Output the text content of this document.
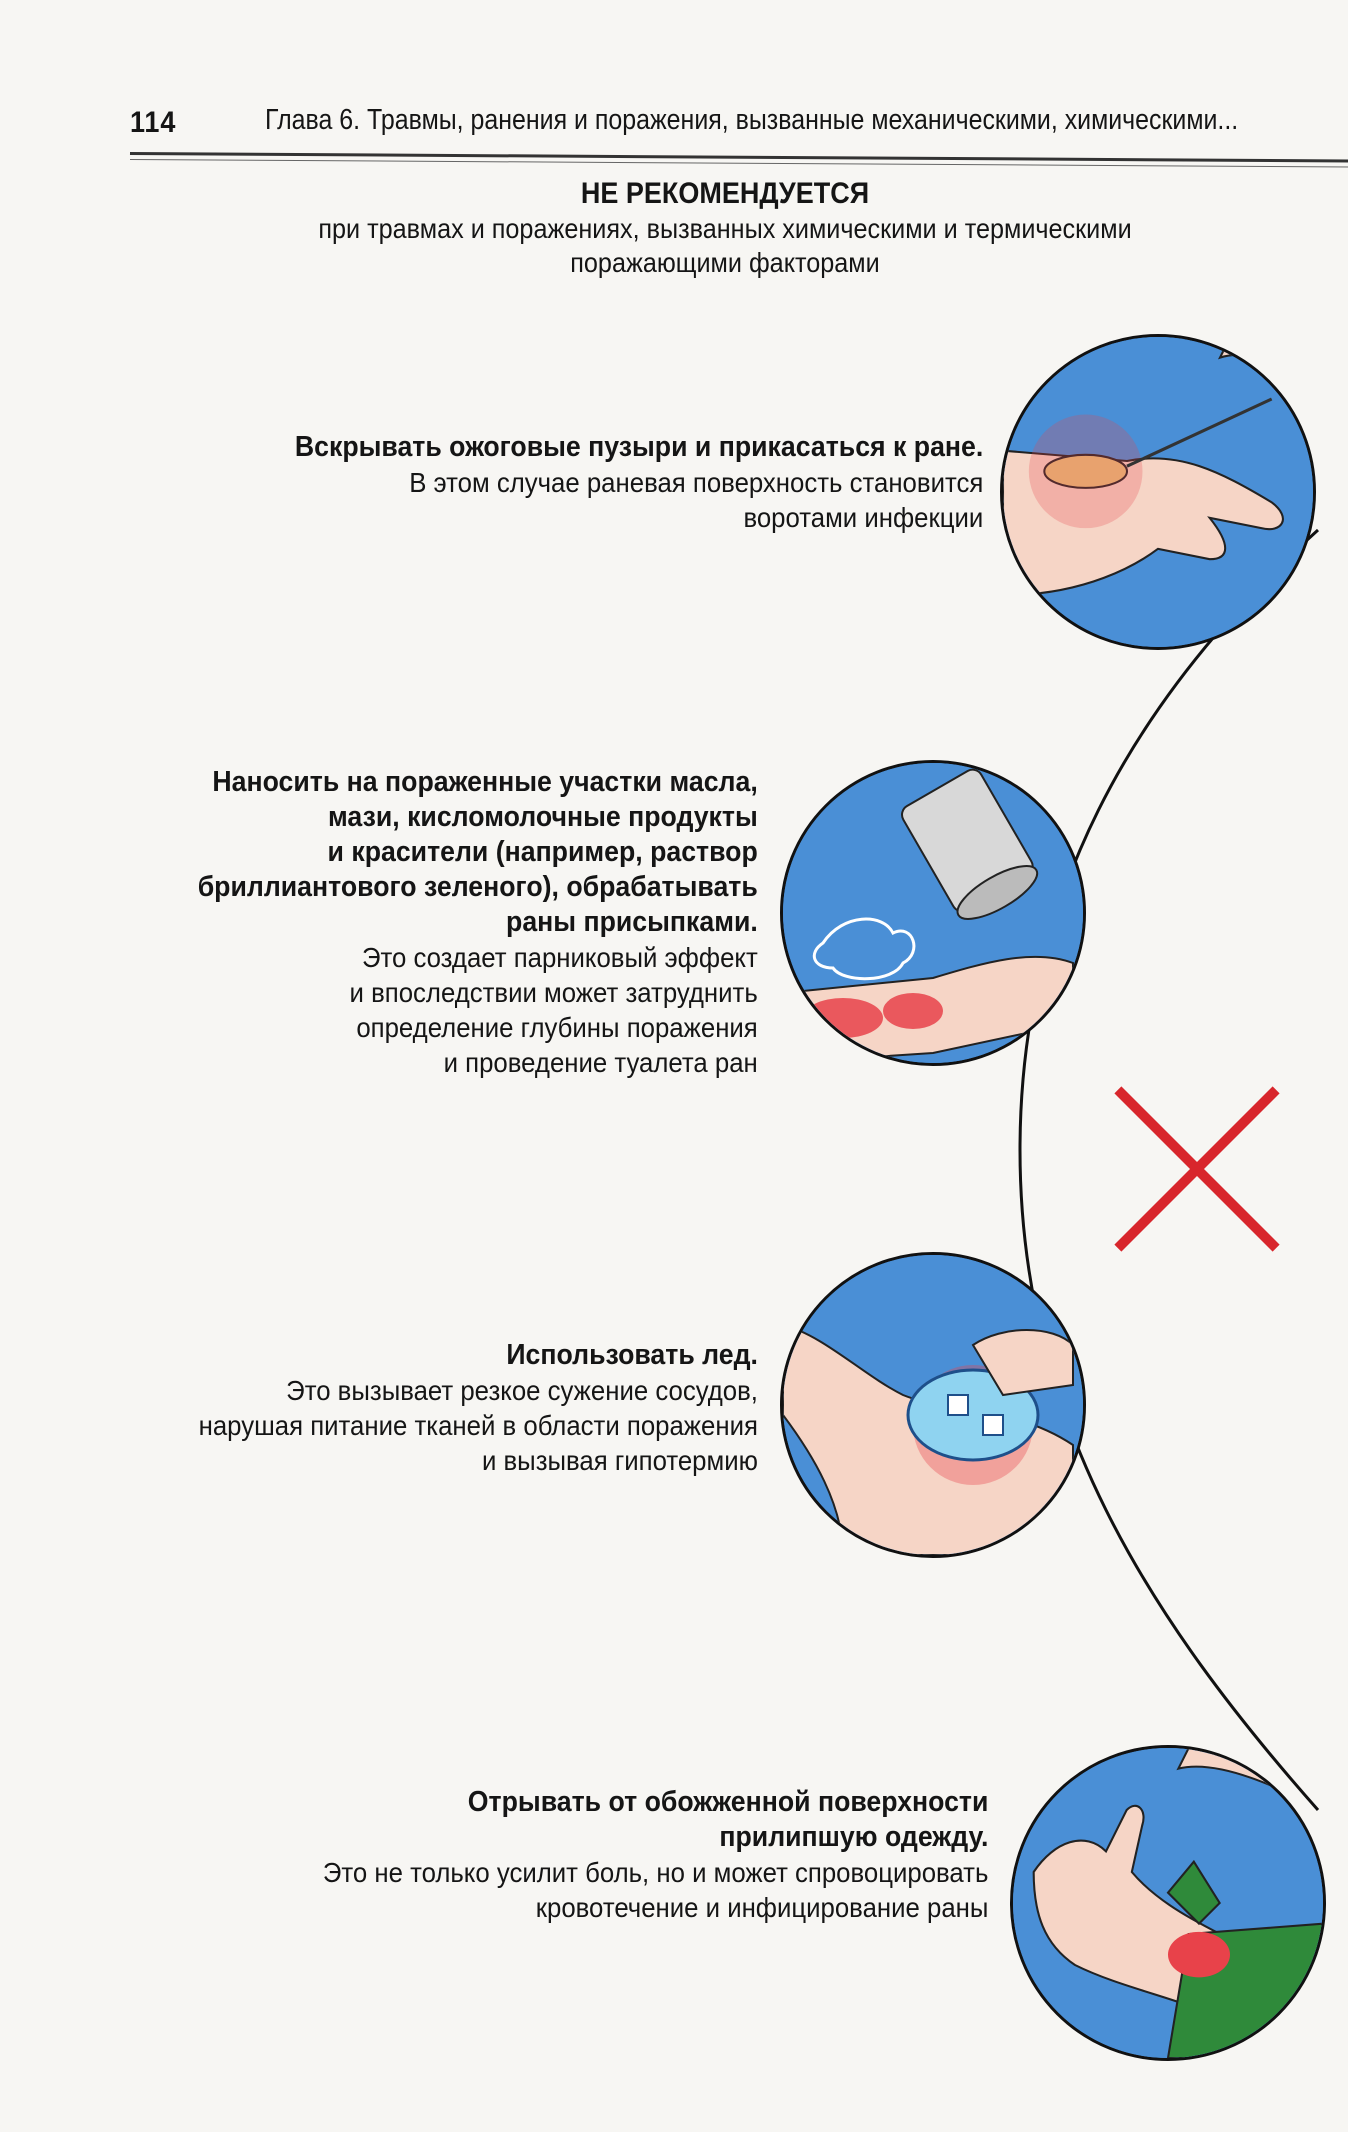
114	Глава 6. Травмы, ранения и поражения, вызванные механическими, химическими...
НЕ РЕКОМЕНДУЕТСЯ
при травмах и поражениях, вызванных химическими и термическими
поражающими факторами
Вскрывать ожоговые пузыри и прикасаться к ране.
В этом случае раневая поверхность становится
воротами инфекции
Наносить на пораженные участки масла,
мази, кисломолочные продукты
и красители (например, раствор
бриллиантового зеленого), обрабатывать
раны присыпками.
Это создает парниковый эффект
и впоследствии может затруднить
определение глубины поражения
и проведение туалета ран
Использовать лед.
Это вызывает резкое сужение сосудов,
нарушая питание тканей в области поражения
и вызывая гипотермию
Отрывать от обожженной поверхности
прилипшую одежду.
Это не только усилит боль, но и может спровоцировать
кровотечение и инфицирование раны
